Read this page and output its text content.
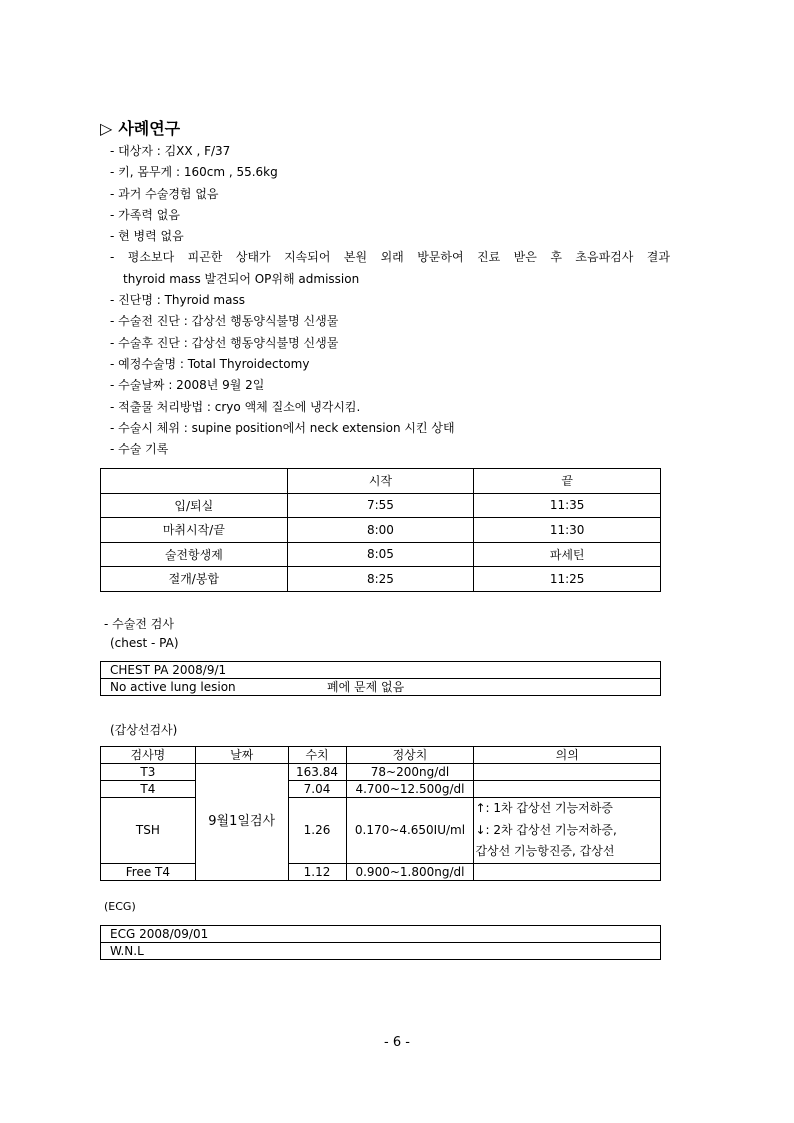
▷ 사례연구
- 대상자 : 김XX , F/37
- 키, 몸무게 : 160cm , 55.6kg
- 과거 수술경험 없음
- 가족력 없음
- 현 병력 없음
- 평소보다 피곤한 상태가 지속되어 본원 외래 방문하여 진료 받은 후 초음파검사 결과
thyroid mass 발견되어 OP위해 admission
- 진단명 : Thyroid mass
- 수술전 진단 : 갑상선 행동양식불명 신생물
- 수술후 진단 : 갑상선 행동양식불명 신생물
- 예정수술명 : Total Thyroidectomy
- 수술날짜 : 2008년 9월 2일
- 적출물 처리방법 : cryo 액체 질소에 냉각시킴.
- 수술시 체위 : supine position에서 neck extension 시킨 상태
- 수술 기록
	시작	끝
입/퇴실	7:55	11:35
마취시작/끝	8:00	11:30
술전항생제	8:05	파세틴
절개/봉합	8:25	11:25
- 수술전 검사
(chest - PA)
CHEST PA 2008/9/1
No active lung lesion	폐에 문제 없음
(갑상선검사)
검사명	날짜	수치	정상치	의의
T3	9월1일검사	163.84	78~200ng/dl	
T4		7.04	4.700~12.500g/dl	
TSH		1.26	0.170~4.650IU/ml	↑: 1차 갑상선 기능저하증
↓: 2차 갑상선 기능저하증,
갑상선 기능항진증, 갑상선

Free T4		1.12	0.900~1.800ng/dl	
(ECG)
ECG 2008/09/01
W.N.L
- 6 -
